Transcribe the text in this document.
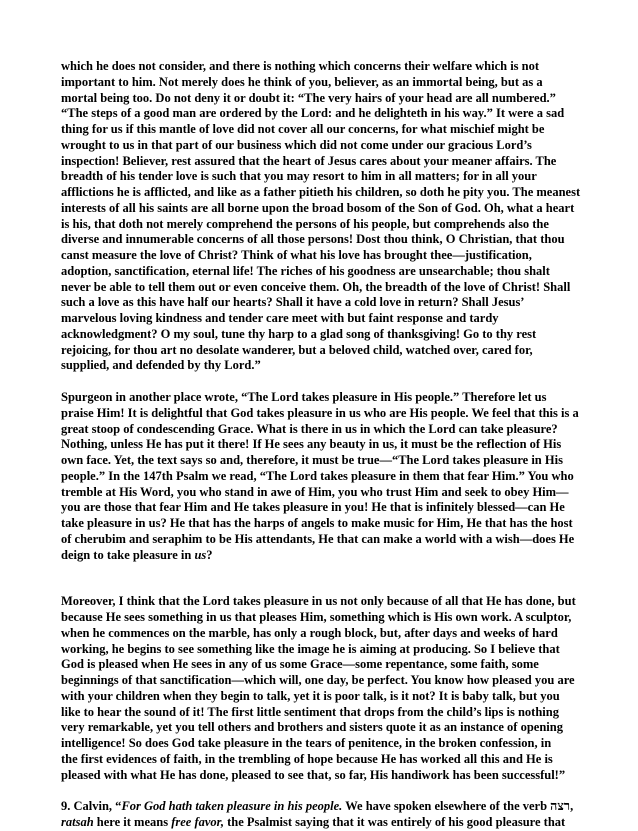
which he does not consider, and there is nothing which concerns their welfare which is not
important to him. Not merely does he think of you, believer, as an immortal being, but as a
mortal being too. Do not deny it or doubt it: “The very hairs of your head are all numbered.”
“The steps of a good man are ordered by the Lord: and he delighteth in his way.” It were a sad
thing for us if this mantle of love did not cover all our concerns, for what mischief might be
wrought to us in that part of our business which did not come under our gracious Lord’s
inspection! Believer, rest assured that the heart of Jesus cares about your meaner affairs. The
breadth of his tender love is such that you may resort to him in all matters; for in all your
afflictions he is afflicted, and like as a father pitieth his children, so doth he pity you. The meanest
interests of all his saints are all borne upon the broad bosom of the Son of God. Oh, what a heart
is his, that doth not merely comprehend the persons of his people, but comprehends also the
diverse and innumerable concerns of all those persons! Dost thou think, O Christian, that thou
canst measure the love of Christ? Think of what his love has brought thee—justification,
adoption, sanctification, eternal life! The riches of his goodness are unsearchable; thou shalt
never be able to tell them out or even conceive them. Oh, the breadth of the love of Christ! Shall
such a love as this have half our hearts? Shall it have a cold love in return? Shall Jesus’
marvelous loving kindness and tender care meet with but faint response and tardy
acknowledgment? O my soul, tune thy harp to a glad song of thanksgiving! Go to thy rest
rejoicing, for thou art no desolate wanderer, but a beloved child, watched over, cared for,
supplied, and defended by thy Lord.”

Spurgeon in another place wrote, “The Lord takes pleasure in His people.” Therefore let us
praise Him! It is delightful that God takes pleasure in us who are His people. We feel that this is a
great stoop of condescending Grace. What is there in us in which the Lord can take pleasure?
Nothing, unless He has put it there! If He sees any beauty in us, it must be the reflection of His
own face. Yet, the text says so and, therefore, it must be true—“The Lord takes pleasure in His
people.” In the 147th Psalm we read, “The Lord takes pleasure in them that fear Him.” You who
tremble at His Word, you who stand in awe of Him, you who trust Him and seek to obey Him—
you are those that fear Him and He takes pleasure in you! He that is infinitely blessed—can He
take pleasure in us? He that has the harps of angels to make music for Him, He that has the host
of cherubim and seraphim to be His attendants, He that can make a world with a wish—does He
deign to take pleasure in us?

Moreover, I think that the Lord takes pleasure in us not only because of all that He has done, but
because He sees something in us that pleases Him, something which is His own work. A sculptor,
when he commences on the marble, has only a rough block, but, after days and weeks of hard
working, he begins to see something like the image he is aiming at producing. So I believe that
God is pleased when He sees in any of us some Grace—some repentance, some faith, some
beginnings of that sanctification—which will, one day, be perfect. You know how pleased you are
with your children when they begin to talk, yet it is poor talk, is it not? It is baby talk, but you
like to hear the sound of it! The first little sentiment that drops from the child’s lips is nothing
very remarkable, yet you tell others and brothers and sisters quote it as an instance of opening
intelligence! So does God take pleasure in the tears of penitence, in the broken confession, in
the first evidences of faith, in the trembling of hope because He has worked all this and He is
pleased with what He has done, pleased to see that, so far, His handiwork has been successful!”

9. Calvin, “For God hath taken pleasure in his people. We have spoken elsewhere of the verb רצה,
ratsah here it means free favor, the Psalmist saying that it was entirely of his good pleasure that
